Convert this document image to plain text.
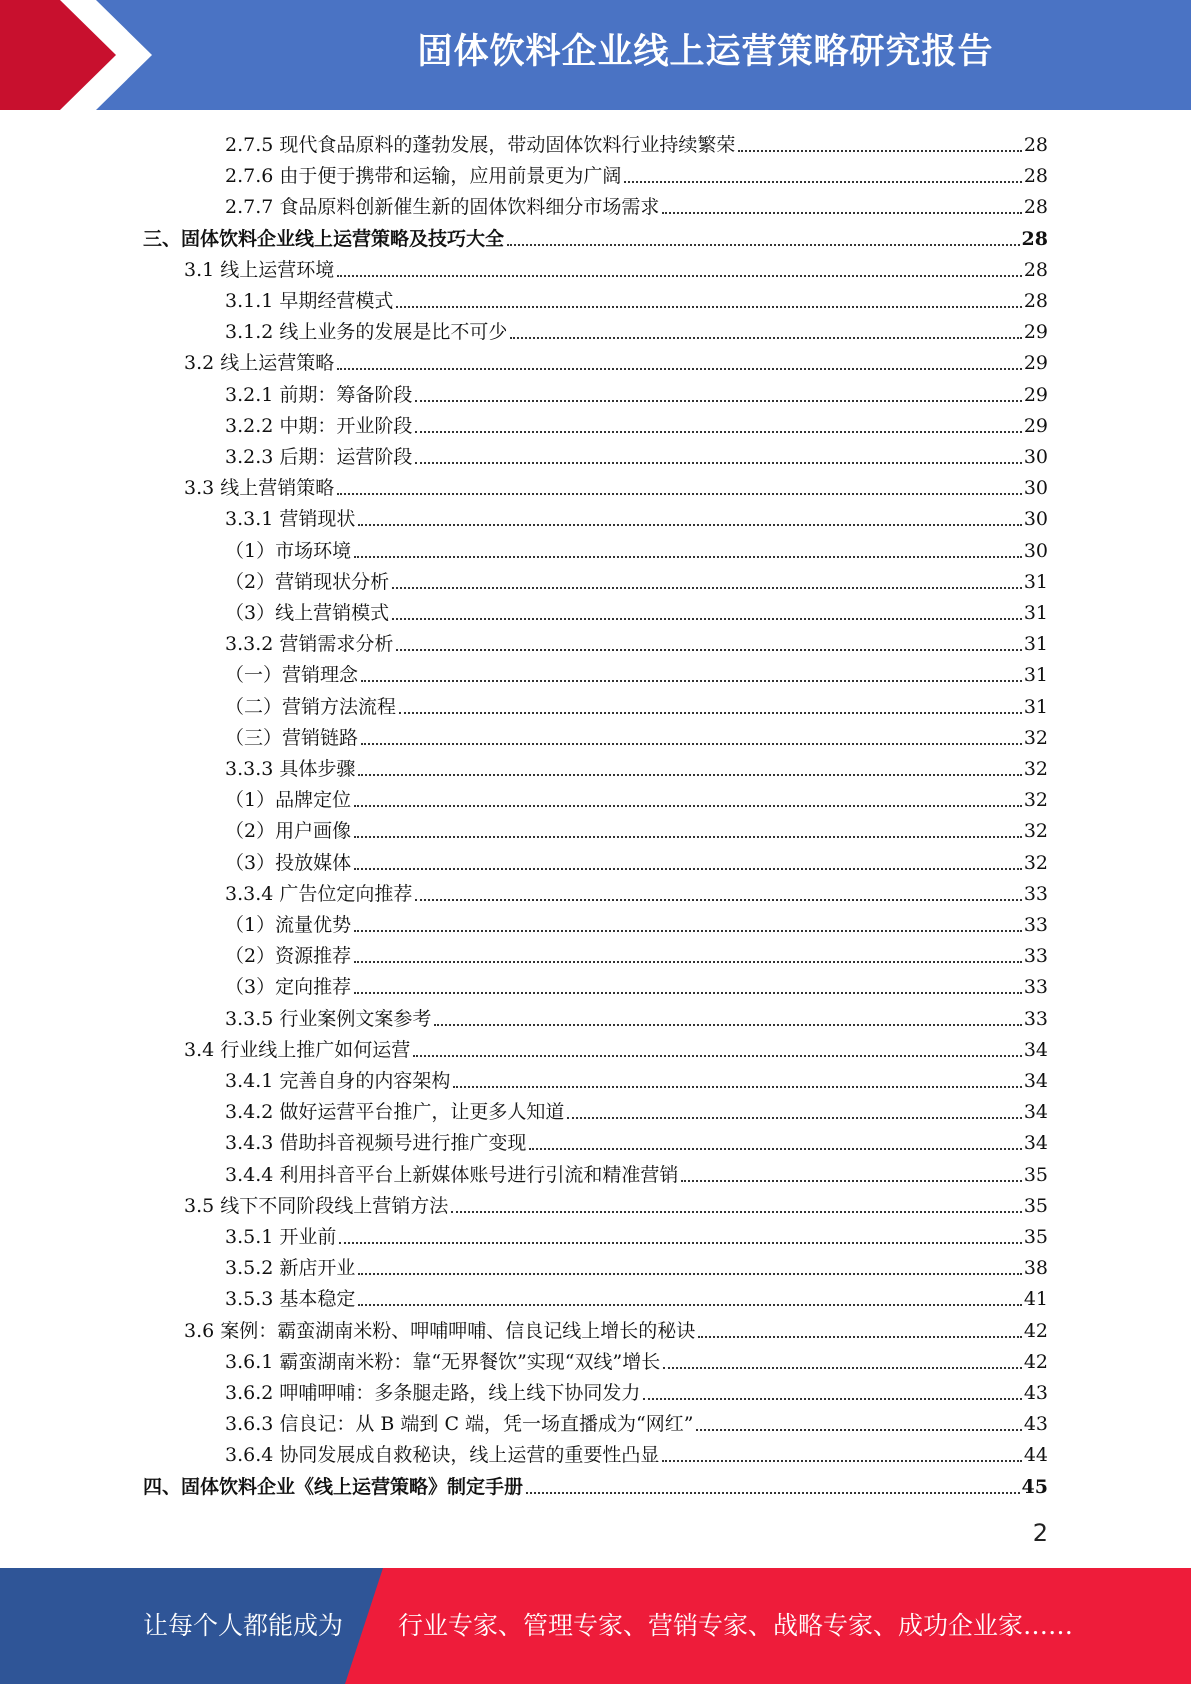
固体饮料企业线上运营策略研究报告
2.7.5 现代食品原料的蓬勃发展，带动固体饮料行业持续繁荣	28
2.7.6 由于便于携带和运输，应用前景更为广阔	28
2.7.7 食品原料创新催生新的固体饮料细分市场需求	28
三、固体饮料企业线上运营策略及技巧大全	28
3.1 线上运营环境	28
3.1.1 早期经营模式	28
3.1.2 线上业务的发展是比不可少	29
3.2 线上运营策略	29
3.2.1 前期：筹备阶段	29
3.2.2 中期：开业阶段	29
3.2.3 后期：运营阶段	30
3.3 线上营销策略	30
3.3.1 营销现状	30
（1）市场环境	30
（2）营销现状分析	31
（3）线上营销模式	31
3.3.2 营销需求分析	31
（一）营销理念	31
（二）营销方法流程	31
（三）营销链路	32
3.3.3 具体步骤	32
（1）品牌定位	32
（2）用户画像	32
（3）投放媒体	32
3.3.4 广告位定向推荐	33
（1）流量优势	33
（2）资源推荐	33
（3）定向推荐	33
3.3.5 行业案例文案参考	33
3.4 行业线上推广如何运营	34
3.4.1 完善自身的内容架构	34
3.4.2 做好运营平台推广，让更多人知道	34
3.4.3 借助抖音视频号进行推广变现	34
3.4.4 利用抖音平台上新媒体账号进行引流和精准营销	35
3.5 线下不同阶段线上营销方法	35
3.5.1 开业前	35
3.5.2 新店开业	38
3.5.3 基本稳定	41
3.6 案例：霸蛮湖南米粉、呷哺呷哺、信良记线上增长的秘诀	42
3.6.1 霸蛮湖南米粉：靠“无界餐饮”实现“双线”增长	42
3.6.2 呷哺呷哺：多条腿走路，线上线下协同发力	43
3.6.3 信良记：从 B 端到 C 端，凭一场直播成为“网红”	43
3.6.4 协同发展成自救秘诀，线上运营的重要性凸显	44
四、固体饮料企业《线上运营策略》制定手册	45
2
让每个人都能成为 行业专家、管理专家、营销专家、战略专家、成功企业家……
